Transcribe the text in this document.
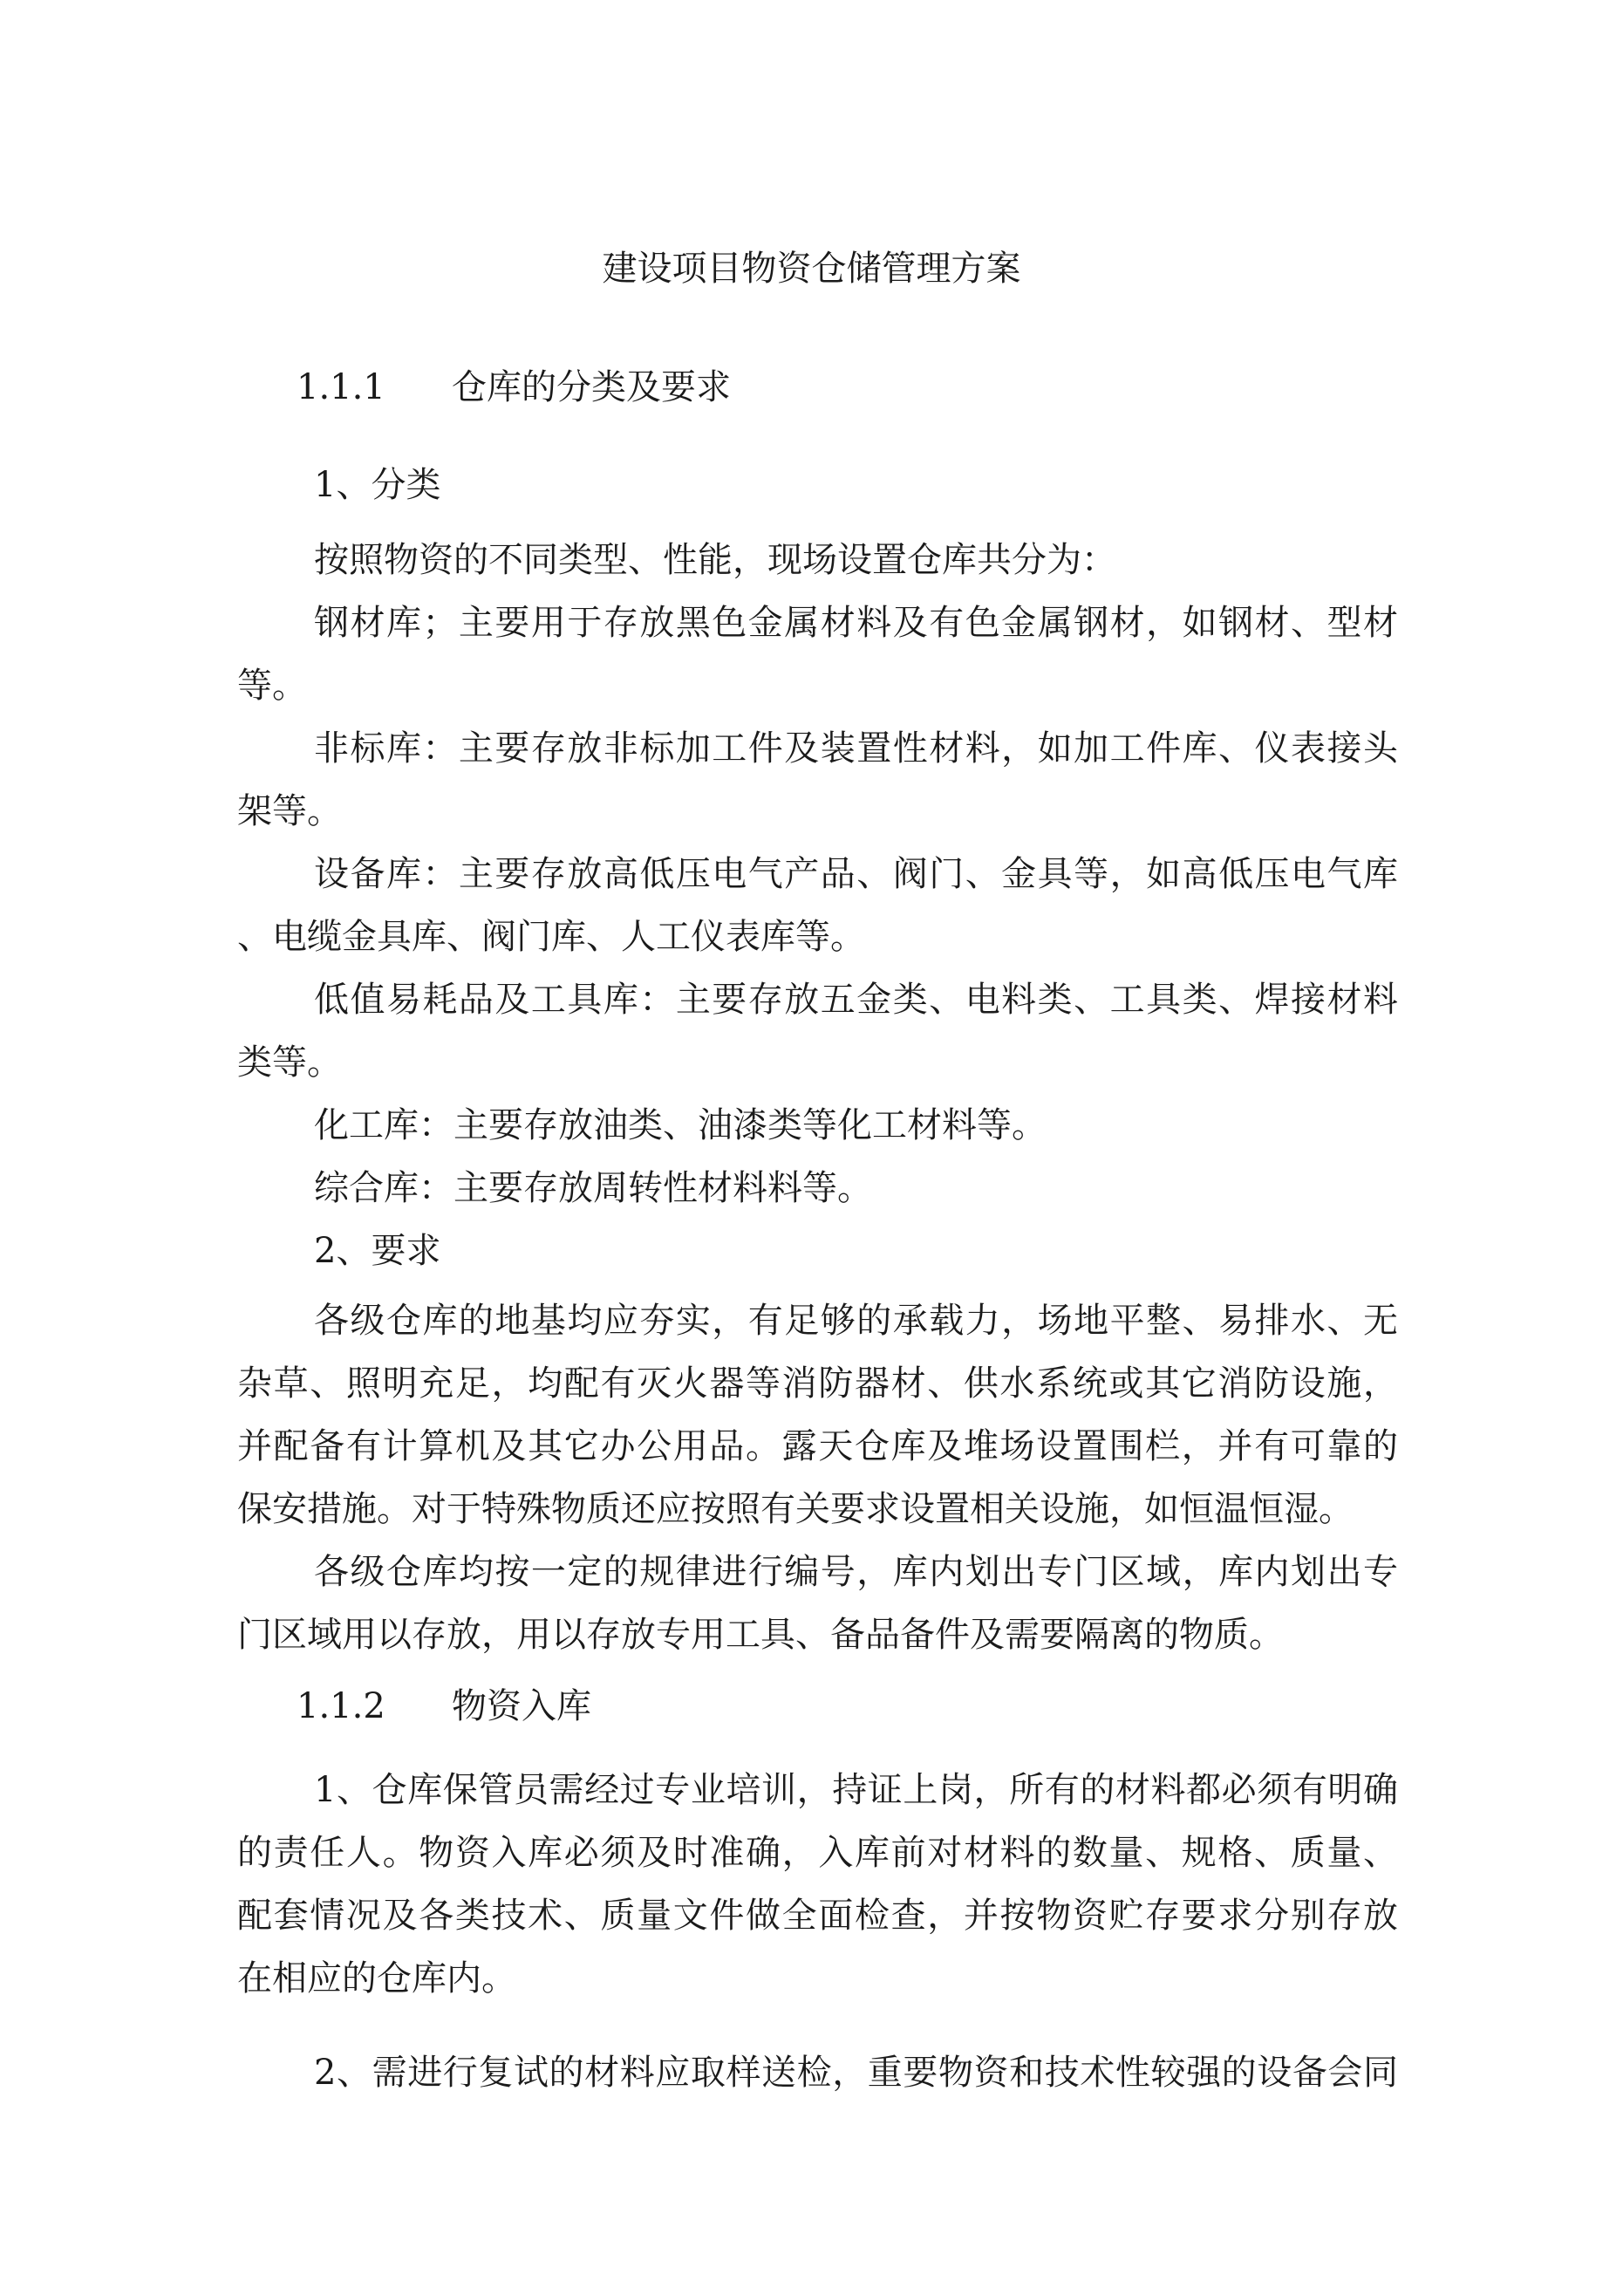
建设项目物资仓储管理方案

1.1.1 仓库的分类及要求

1、分类

按照物资的不同类型、性能，现场设置仓库共分为：

钢材库；主要用于存放黑色金属材料及有色金属钢材，如钢材、型材

等。

非标库：主要存放非标加工件及装置性材料，如加工件库、仪表接头

架等。

设备库：主要存放高低压电气产品、阀门、金具等，如高低压电气库

、电缆金具库、阀门库、人工仪表库等。

低值易耗品及工具库：主要存放五金类、电料类、工具类、焊接材料

类等。

化工库：主要存放油类、油漆类等化工材料等。

综合库：主要存放周转性材料料等。

2、要求

各级仓库的地基均应夯实，有足够的承载力，场地平整、易排水、无

杂草、照明充足，均配有灭火器等消防器材、供水系统或其它消防设施，

并配备有计算机及其它办公用品。露天仓库及堆场设置围栏，并有可靠的

保安措施。对于特殊物质还应按照有关要求设置相关设施，如恒温恒湿。

各级仓库均按一定的规律进行编号，库内划出专门区域，库内划出专

门区域用以存放，用以存放专用工具、备品备件及需要隔离的物质。

1.1.2 物资入库

1、仓库保管员需经过专业培训，持证上岗，所有的材料都必须有明确

的责任人。物资入库必须及时准确，入库前对材料的数量、规格、质量、

配套情况及各类技术、质量文件做全面检查，并按物资贮存要求分别存放

在相应的仓库内。

2、需进行复试的材料应取样送检，重要物资和技术性较强的设备会同
